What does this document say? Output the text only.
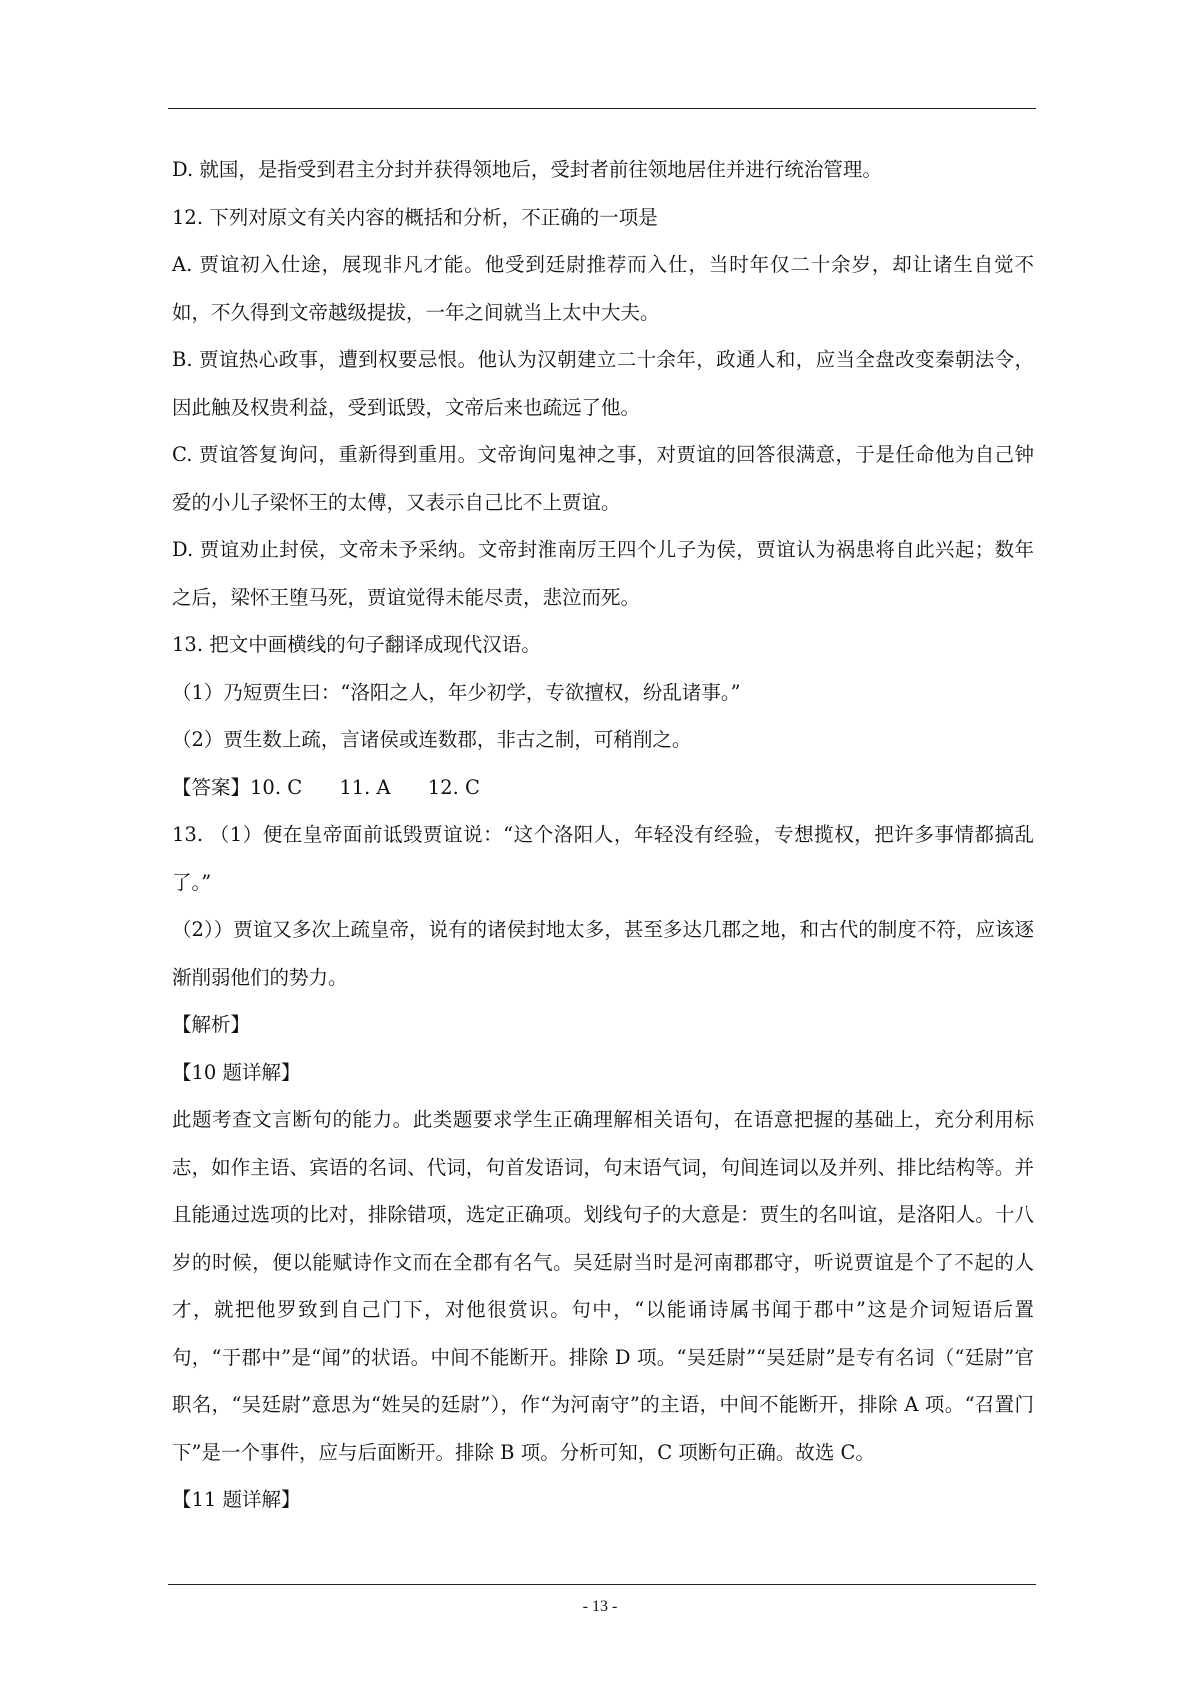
D. 就国，是指受到君主分封并获得领地后，受封者前往领地居住并进行统治管理。

12. 下列对原文有关内容的概括和分析，不正确的一项是

A. 贾谊初入仕途，展现非凡才能。他受到廷尉推荐而入仕，当时年仅二十余岁，却让诸生自觉不如，不久得到文帝越级提拔，一年之间就当上太中大夫。

B. 贾谊热心政事，遭到权要忌恨。他认为汉朝建立二十余年，政通人和，应当全盘改变秦朝法令，因此触及权贵利益，受到诋毁，文帝后来也疏远了他。

C. 贾谊答复询问，重新得到重用。文帝询问鬼神之事，对贾谊的回答很满意，于是任命他为自己钟爱的小儿子梁怀王的太傅，又表示自己比不上贾谊。

D. 贾谊劝止封侯，文帝未予采纳。文帝封淮南厉王四个儿子为侯，贾谊认为祸患将自此兴起；数年之后，梁怀王堕马死，贾谊觉得未能尽责，悲泣而死。

13. 把文中画横线的句子翻译成现代汉语。

（1）乃短贾生曰：“洛阳之人，年少初学，专欲擅权，纷乱诸事。”

（2）贾生数上疏，言诸侯或连数郡，非古之制，可稍削之。

【答案】10. C      11. A      12. C

13. （1）便在皇帝面前诋毁贾谊说：“这个洛阳人，年轻没有经验，专想揽权，把许多事情都搞乱了。”

（2））贾谊又多次上疏皇帝，说有的诸侯封地太多，甚至多达几郡之地，和古代的制度不符，应该逐渐削弱他们的势力。

【解析】

【10 题详解】

此题考查文言断句的能力。此类题要求学生正确理解相关语句，在语意把握的基础上，充分利用标志，如作主语、宾语的名词、代词，句首发语词，句末语气词，句间连词以及并列、排比结构等。并且能通过选项的比对，排除错项，选定正确项。划线句子的大意是：贾生的名叫谊，是洛阳人。十八岁的时候，便以能赋诗作文而在全郡有名气。吴廷尉当时是河南郡郡守，听说贾谊是个了不起的人才，就把他罗致到自己门下，对他很赏识。句中，“以能诵诗属书闻于郡中”这是介词短语后置句，“于郡中”是“闻”的状语。中间不能断开。排除 D 项。“吴廷尉”“吴廷尉”是专有名词（“廷尉”官职名，“吴廷尉”意思为“姓吴的廷尉”），作“为河南守”的主语，中间不能断开，排除 A 项。“召置门下”是一个事件，应与后面断开。排除 B 项。分析可知，C 项断句正确。故选 C。

【11 题详解】

- 13 -
